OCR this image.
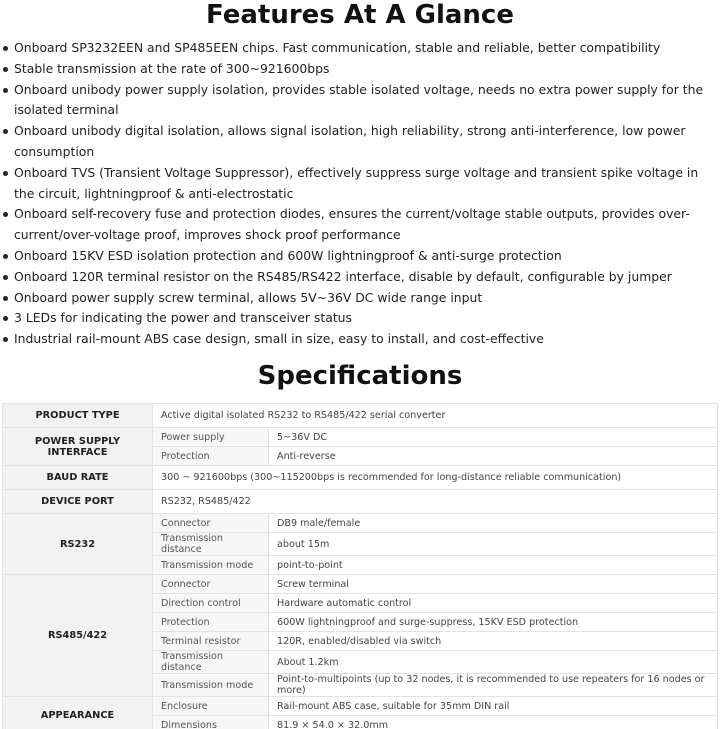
Features At A Glance
Onboard SP3232EEN and SP485EEN chips. Fast communication, stable and reliable, better compatibility
Stable transmission at the rate of 300~921600bps
Onboard unibody power supply isolation, provides stable isolated voltage, needs no extra power supply for the isolated terminal
Onboard unibody digital isolation, allows signal isolation, high reliability, strong anti-interference, low power consumption
Onboard TVS (Transient Voltage Suppressor), effectively suppress surge voltage and transient spike voltage in the circuit, lightningproof & anti-electrostatic
Onboard self-recovery fuse and protection diodes, ensures the current/voltage stable outputs, provides over-current/over-voltage proof, improves shock proof performance
Onboard 15KV ESD isolation protection and 600W lightningproof & anti-surge protection
Onboard 120R terminal resistor on the RS485/RS422 interface, disable by default, configurable by jumper
Onboard power supply screw terminal, allows 5V~36V DC wide range input
3 LEDs for indicating the power and transceiver status
Industrial rail-mount ABS case design, small in size, easy to install, and cost-effective
Specifications
PRODUCT TYPE	Active digital isolated RS232 to RS485/422 serial converter	
POWER SUPPLY INTERFACE	Power supply	5~36V DC
	Protection	Anti-reverse
BAUD RATE	300 ~ 921600bps (300~115200bps is recommended for long-distance reliable communication)	
DEVICE PORT	RS232, RS485/422	
RS232	Connector	DB9 male/female
	Transmission distance	about 15m
	Transmission mode	point-to-point
RS485/422	Connector	Screw terminal
	Direction control	Hardware automatic control
	Protection	600W lightningproof and surge-suppress, 15KV ESD protection
	Terminal resistor	120R, enabled/disabled via switch
	Transmission distance	About 1.2km
	Transmission mode	Point-to-multipoints (up to 32 nodes, it is recommended to use repeaters for 16 nodes or more)
APPEARANCE	Enclosure	Rail-mount ABS case, suitable for 35mm DIN rail
	Dimensions	81.9 × 54.0 × 32.0mm
